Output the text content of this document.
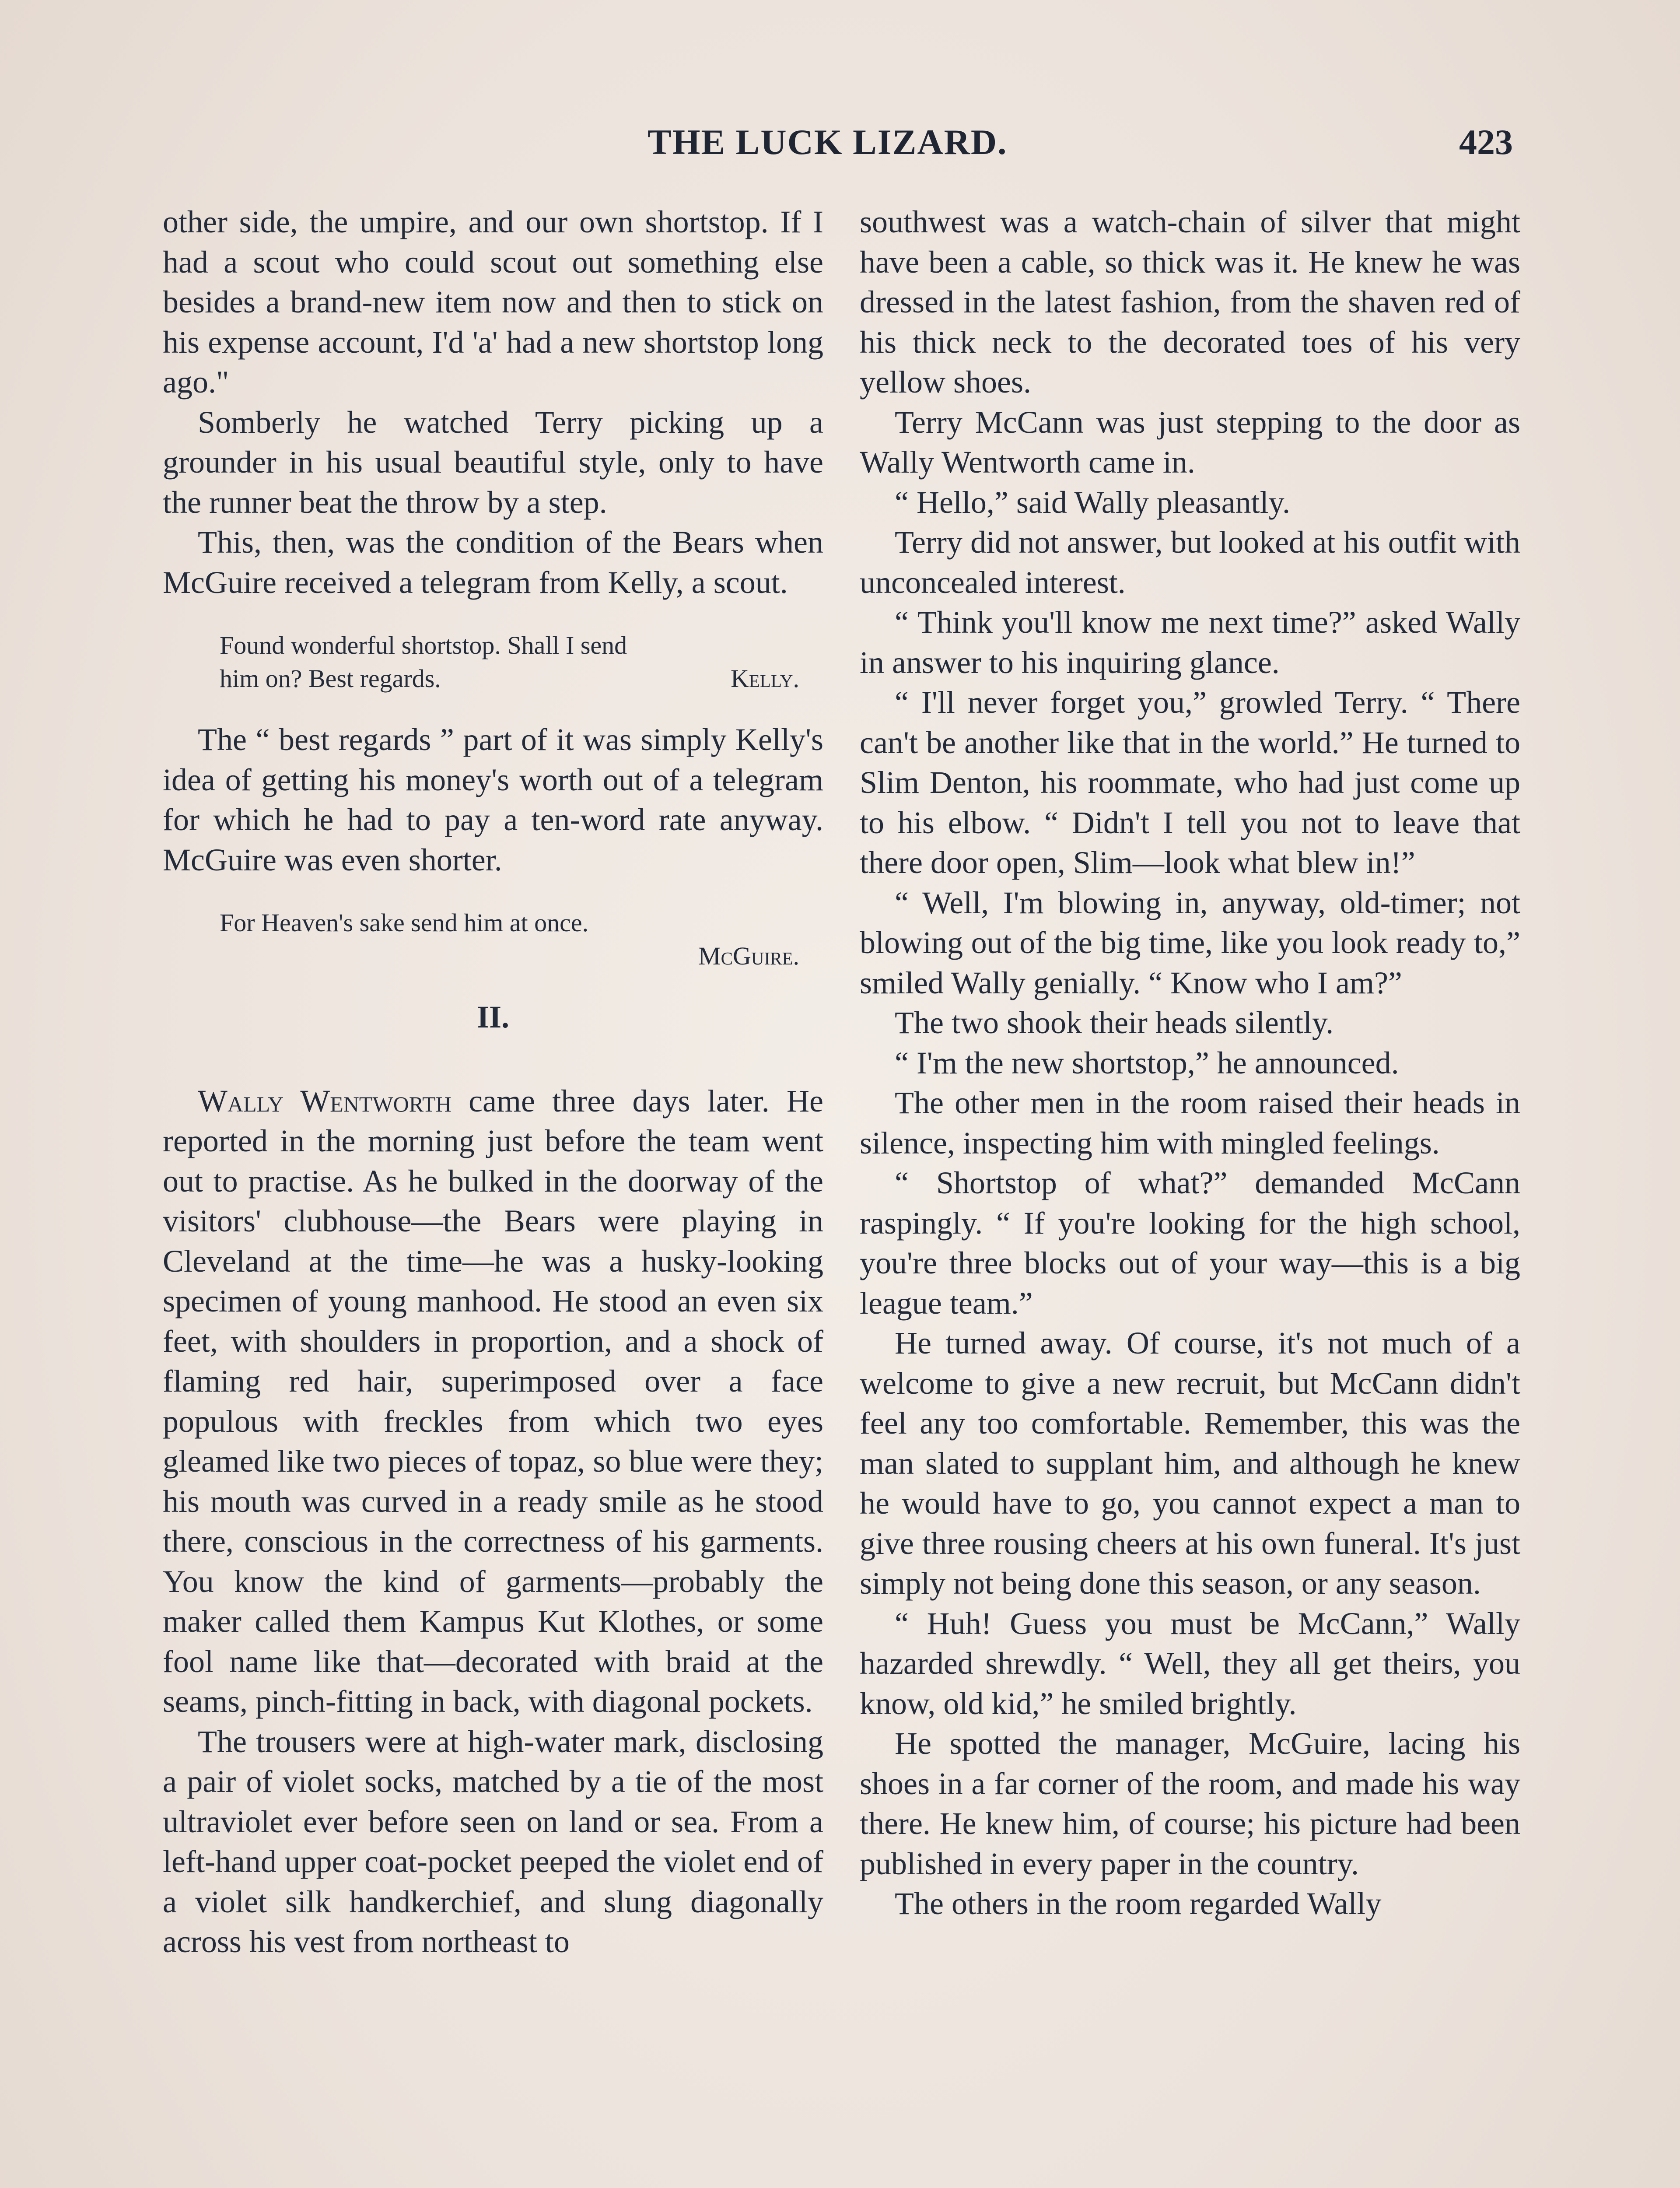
THE LUCK LIZARD.	423

other side, the umpire, and our own shortstop. If I had a scout who could scout out something else besides a brand-new item now and then to stick on his expense account, I'd 'a' had a new shortstop long ago."

Somberly he watched Terry picking up a grounder in his usual beautiful style, only to have the runner beat the throw by a step.

This, then, was the condition of the Bears when McGuire received a telegram from Kelly, a scout.

Found wonderful shortstop. Shall I send
him on? Best regards.	Kelly.

The “ best regards ” part of it was simply Kelly's idea of getting his money's worth out of a telegram for which he had to pay a ten-word rate anyway. McGuire was even shorter.

For Heaven's sake send him at once.
McGuire.
II.

Wally Wentworth came three days later. He reported in the morning just before the team went out to practise. As he bulked in the doorway of the visitors' clubhouse—the Bears were playing in Cleveland at the time—he was a husky-looking specimen of young manhood. He stood an even six feet, with shoulders in proportion, and a shock of flaming red hair, superimposed over a face populous with freckles from which two eyes gleamed like two pieces of topaz, so blue were they; his mouth was curved in a ready smile as he stood there, conscious in the correctness of his garments. You know the kind of garments—probably the maker called them Kampus Kut Klothes, or some fool name like that—decorated with braid at the seams, pinch-fitting in back, with diagonal pockets.

The trousers were at high-water mark, disclosing a pair of violet socks, matched by a tie of the most ultraviolet ever before seen on land or sea. From a left-hand upper coat-pocket peeped the violet end of a violet silk handkerchief, and slung diagonally across his vest from northeast to

southwest was a watch-chain of silver that might have been a cable, so thick was it. He knew he was dressed in the latest fashion, from the shaven red of his thick neck to the decorated toes of his very yellow shoes.

Terry McCann was just stepping to the door as Wally Wentworth came in.

“ Hello,” said Wally pleasantly.

Terry did not answer, but looked at his outfit with unconcealed interest.

“ Think you'll know me next time?” asked Wally in answer to his inquiring glance.

“ I'll never forget you,” growled Terry. “ There can't be another like that in the world.” He turned to Slim Denton, his roommate, who had just come up to his elbow. “ Didn't I tell you not to leave that there door open, Slim—look what blew in!”

“ Well, I'm blowing in, anyway, old-timer; not blowing out of the big time, like you look ready to,” smiled Wally genially. “ Know who I am?”

The two shook their heads silently.

“ I'm the new shortstop,” he announced.

The other men in the room raised their heads in silence, inspecting him with mingled feelings.

“ Shortstop of what?” demanded McCann raspingly. “ If you're looking for the high school, you're three blocks out of your way—this is a big league team.”

He turned away. Of course, it's not much of a welcome to give a new recruit, but McCann didn't feel any too comfortable. Remember, this was the man slated to supplant him, and although he knew he would have to go, you cannot expect a man to give three rousing cheers at his own funeral. It's just simply not being done this season, or any season.

“ Huh! Guess you must be McCann,” Wally hazarded shrewdly. “ Well, they all get theirs, you know, old kid,” he smiled brightly.

He spotted the manager, McGuire, lacing his shoes in a far corner of the room, and made his way there. He knew him, of course; his picture had been published in every paper in the country.

The others in the room regarded Wally
